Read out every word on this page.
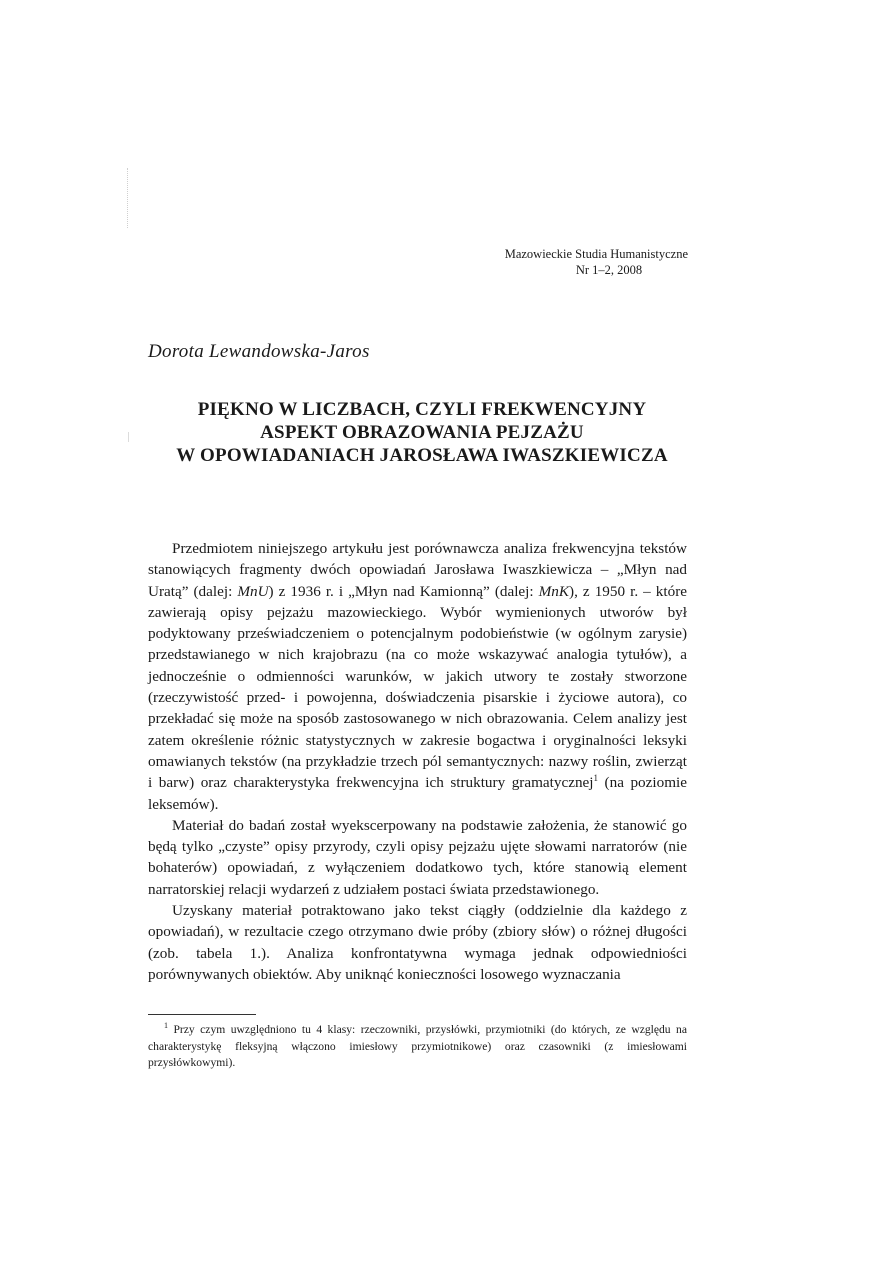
Mazowieckie Studia Humanistyczne

Nr 1–2, 2008
Dorota Lewandowska-Jaros
PIĘKNO W LICZBACH, CZYLI FREKWENCYJNY
ASPEKT OBRAZOWANIA PEJZAŻU
W OPOWIADANIACH JAROSŁAWA IWASZKIEWICZA

Przedmiotem niniejszego artykułu jest porównawcza analiza frekwencyjna tekstów stanowiących fragmenty dwóch opowiadań Jarosława Iwaszkiewicza – „Młyn nad Uratą” (dalej: MnU) z 1936 r. i „Młyn nad Kamionną” (dalej: MnK), z 1950 r. – które zawierają opisy pejzażu mazowieckiego. Wybór wymienionych utworów był podyktowany przeświadczeniem o potencjalnym podobieństwie (w ogólnym zarysie) przedstawianego w nich krajobrazu (na co może wskazywać analogia tytułów), a jednocześnie o odmienności warunków, w jakich utwory te zostały stworzone (rzeczywistość przed- i powojenna, doświadczenia pisarskie i życiowe autora), co przekładać się może na sposób zastosowanego w nich obrazowania. Celem analizy jest zatem określenie różnic statystycznych w zakresie bogactwa i oryginalności leksyki omawianych tekstów (na przykładzie trzech pól semantycznych: nazwy roślin, zwierząt i barw) oraz charakterystyka frekwencyjna ich struktury gramatycznej$^1$ (na poziomie leksemów).

Materiał do badań został wyekscerpowany na podstawie założenia, że stanowić go będą tylko „czyste” opisy przyrody, czyli opisy pejzażu ujęte słowami narratorów (nie bohaterów) opowiadań, z wyłączeniem dodatkowo tych, które stanowią element narratorskiej relacji wydarzeń z udziałem postaci świata przedstawionego.

Uzyskany materiał potraktowano jako tekst ciągły (oddzielnie dla każdego z opowiadań), w rezultacie czego otrzymano dwie próby (zbiory słów) o różnej długości (zob. tabela 1.). Analiza konfrontatywna wymaga jednak odpowiedniości porównywanych obiektów. Aby uniknąć konieczności losowego wyznaczania

$^1$ Przy czym uwzględniono tu 4 klasy: rzeczowniki, przysłówki, przymiotniki (do których, ze względu na charakterystykę fleksyjną włączono imiesłowy przymiotnikowe) oraz czasowniki (z imiesłowami przysłówkowymi).
